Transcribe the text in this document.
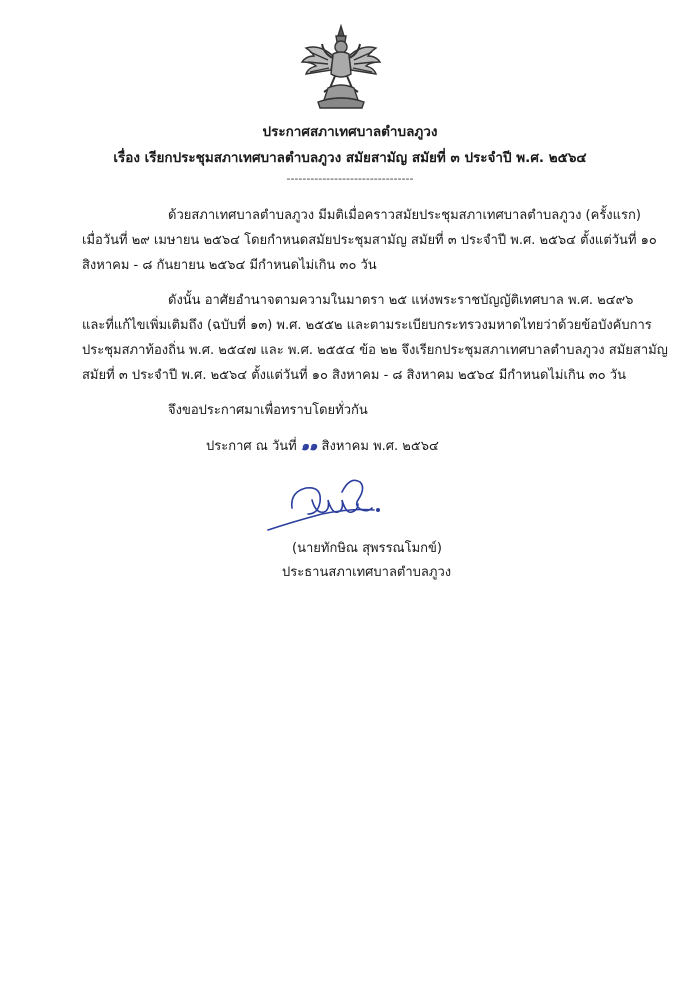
ประกาศสภาเทศบาลตำบลภูวง
เรื่อง เรียกประชุมสภาเทศบาลตำบลภูวง สมัยสามัญ สมัยที่ ๓ ประจำปี พ.ศ. ๒๕๖๔
--------------------------------
ด้วยสภาเทศบาลตำบลภูวง มีมติเมื่อคราวสมัยประชุมสภาเทศบาลตำบลภูวง (ครั้งแรก)
เมื่อวันที่ ๒๙ เมษายน ๒๕๖๔ โดยกำหนดสมัยประชุมสามัญ สมัยที่ ๓ ประจำปี พ.ศ. ๒๕๖๔ ตั้งแต่วันที่ ๑๐
สิงหาคม - ๘ กันยายน ๒๕๖๔ มีกำหนดไม่เกิน ๓๐ วัน
ดังนั้น อาศัยอำนาจตามความในมาตรา ๒๕ แห่งพระราชบัญญัติเทศบาล พ.ศ. ๒๔๙๖
และที่แก้ไขเพิ่มเติมถึง (ฉบับที่ ๑๓) พ.ศ. ๒๕๕๒ และตามระเบียบกระทรวงมหาดไทยว่าด้วยข้อบังคับการ
ประชุมสภาท้องถิ่น พ.ศ. ๒๕๔๗ และ พ.ศ. ๒๕๕๔ ข้อ ๒๒ จึงเรียกประชุมสภาเทศบาลตำบลภูวง สมัยสามัญ
สมัยที่ ๓ ประจำปี พ.ศ. ๒๕๖๔ ตั้งแต่วันที่ ๑๐ สิงหาคม - ๘ สิงหาคม ๒๕๖๔ มีกำหนดไม่เกิน ๓๐ วัน
จึงขอประกาศมาเพื่อทราบโดยทั่วกัน
ประกาศ ณ วันที่ ๑๑ สิงหาคม พ.ศ. ๒๕๖๔
(นายทักษิณ สุพรรณโมกข์)
ประธานสภาเทศบาลตำบลภูวง
